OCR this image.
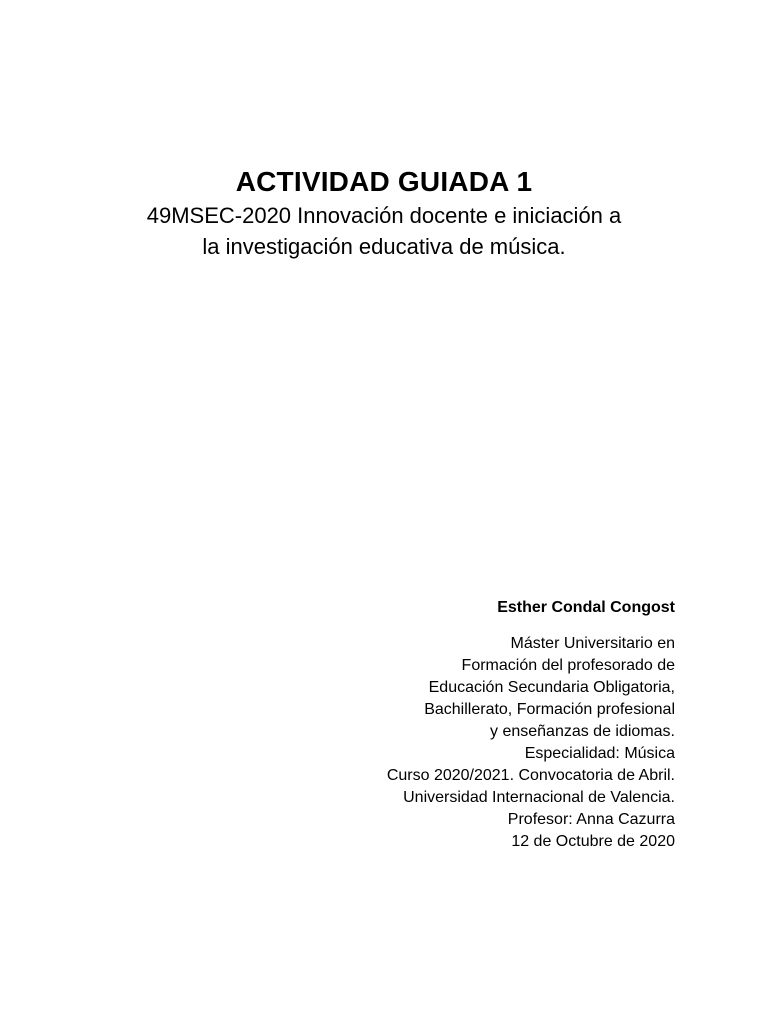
ACTIVIDAD GUIADA 1

49MSEC-2020 Innovación docente e iniciación a

la investigación educativa de música.

Esther Condal Congost

Máster Universitario en
Formación del profesorado de
Educación Secundaria Obligatoria,
Bachillerato, Formación profesional
y enseñanzas de idiomas.
Especialidad: Música
Curso 2020/2021. Convocatoria de Abril.
Universidad Internacional de Valencia.
Profesor: Anna Cazurra
12 de Octubre de 2020
